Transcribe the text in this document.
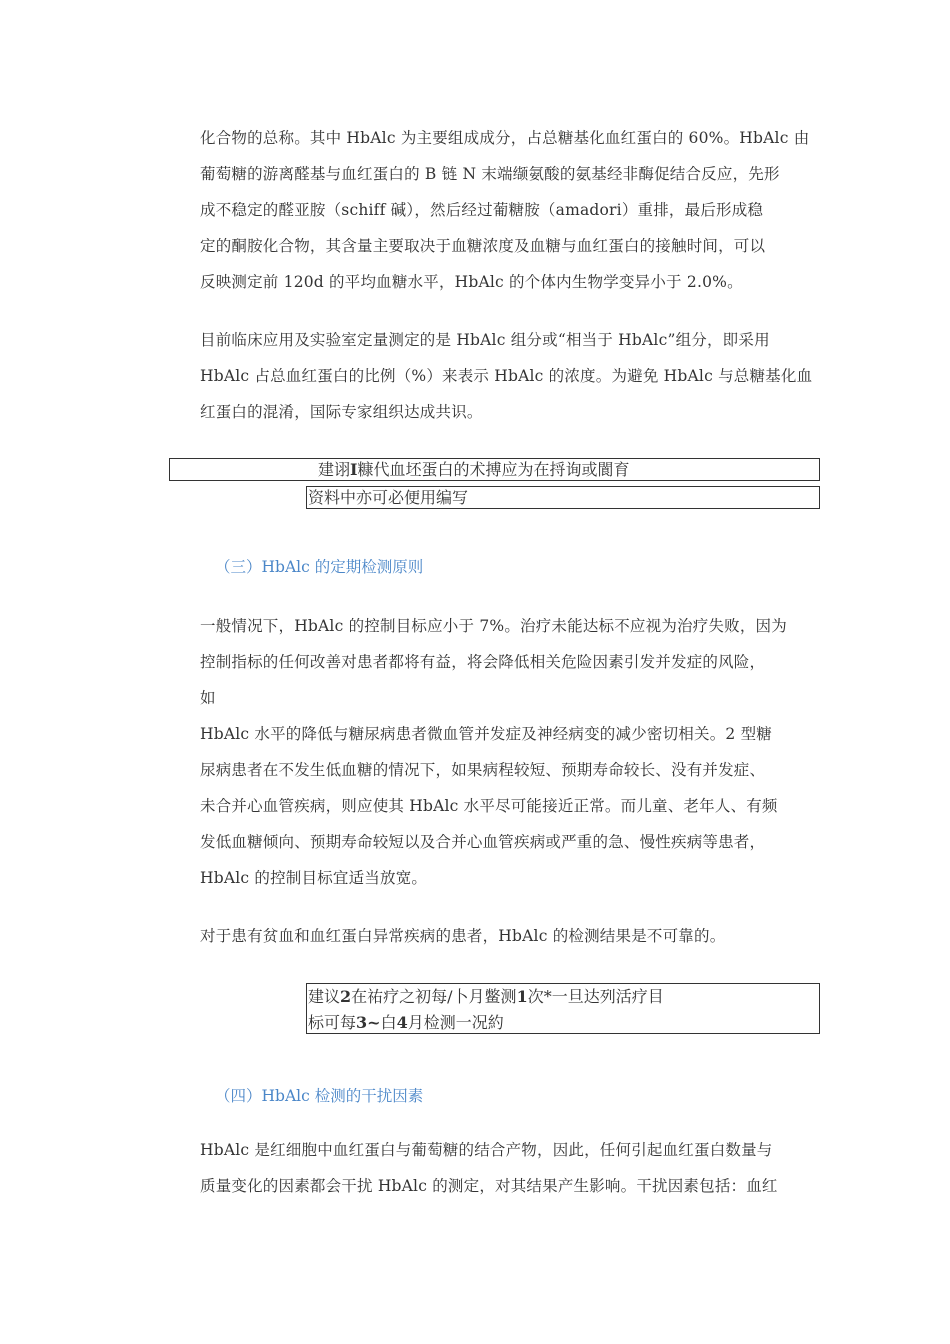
化合物的总称。其中 HbAlc 为主要组成成分，占总糖基化血红蛋白的 60%。HbAlc 由
葡萄糖的游离醛基与血红蛋白的 B 链 N 末端缬氨酸的氨基经非酶促结合反应，先形
成不稳定的醛亚胺（schiff 碱），然后经过葡糖胺（amadori）重排，最后形成稳
定的酮胺化合物，其含量主要取决于血糖浓度及血糖与血红蛋白的接触时间，可以
反映测定前 120d 的平均血糖水平，HbAlc 的个体内生物学变异小于 2.0%。
目前临床应用及实验室定量测定的是 HbAlc 组分或“相当于 HbAlc”组分，即采用
HbAlc 占总血红蛋白的比例（%）来表示 HbAlc 的浓度。为避免 HbAlc 与总糖基化血
红蛋白的混淆，国际专家组织达成共识。
建诩I糠代血坯蛋白的术搏应为在捋询或閬育
资料中亦可必便用编写
（三）HbAlc 的定期检测原则
一般情况下，HbAlc 的控制目标应小于 7%。治疗未能达标不应视为治疗失败，因为
控制指标的任何改善对患者都将有益，将会降低相关危险因素引发并发症的风险，
如
HbAlc 水平的降低与糖尿病患者微血管并发症及神经病变的减少密切相关。2 型糖
尿病患者在不发生低血糖的情况下，如果病程较短、预期寿命较长、没有并发症、
未合并心血管疾病，则应使其 HbAlc 水平尽可能接近正常。而儿童、老年人、有频
发低血糖倾向、预期寿命较短以及合并心血管疾病或严重的急、慢性疾病等患者，
HbAlc 的控制目标宜适当放宽。
对于患有贫血和血红蛋白异常疾病的患者，HbAlc 的检测结果是不可靠的。
建议2在祐疗之初每/卜月鳖测1次*一旦达列活疗目
标可每3~白4月检测一况約
（四）HbAlc 检测的干扰因素
HbAlc 是红细胞中血红蛋白与葡萄糖的结合产物，因此，任何引起血红蛋白数量与
质量变化的因素都会干扰 HbAlc 的测定，对其结果产生影响。干扰因素包括：血红
